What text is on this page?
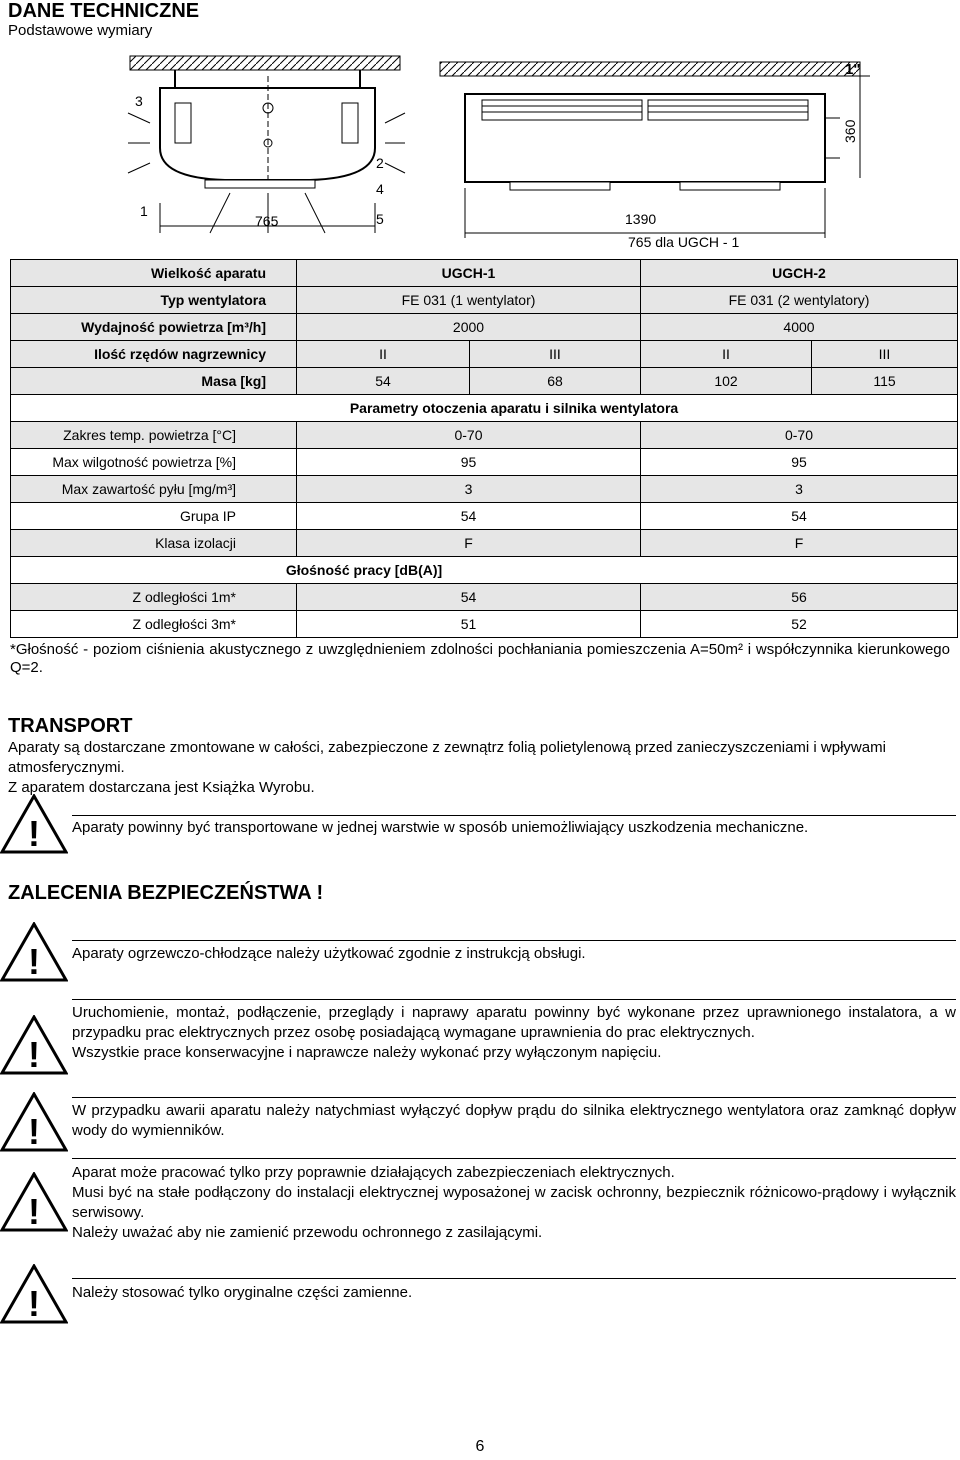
DANE TECHNICZNE
Podstawowe wymiary
3
1
765
2
4
5
1"
360
1390
765 dla UGCH - 1
Wielkość aparatu	UGCH-1		UGCH-2	
Typ wentylatora	FE 031 (1 wentylator)		FE 031 (2 wentylatory)	
Wydajność powietrza [m³/h]	2000		4000	
Ilość rzędów nagrzewnicy	II	III	II	III
Masa [kg]	54	68	102	115
Parametry otoczenia aparatu i silnika wentylatora				
Zakres temp. powietrza [°C]	0-70		0-70	
Max wilgotność powietrza [%]	95		95	
Max zawartość pyłu [mg/m³]	3		3	
Grupa IP	54		54	
Klasa izolacji	F		F	
Głośność pracy [dB(A)]				
Z odległości 1m*	54		56	
Z odległości 3m*	51		52	
*Głośność - poziom ciśnienia akustycznego z uwzględnieniem zdolności pochłaniania pomieszczenia A=50m² i współczynnika kierunkowego Q=2.
TRANSPORT
Aparaty są dostarczane zmontowane w całości, zabezpieczone z zewnątrz folią polietylenową przed zanieczyszczeniami i wpływami atmosferycznymi.
Z aparatem dostarczana jest Książka Wyrobu.
! Aparaty powinny być transportowane w jednej warstwie w sposób uniemożliwiający uszkodzenia mechaniczne.
ZALECENIA BEZPIECZEŃSTWA !
! Aparaty ogrzewczo-chłodzące należy użytkować zgodnie z instrukcją obsługi.
!
Uruchomienie, montaż, podłączenie, przeglądy i naprawy aparatu powinny być wykonane przez uprawnionego instalatora, a w przypadku prac elektrycznych przez osobę posiadającą wymagane uprawnienia do prac elektrycznych.
Wszystkie prace konserwacyjne i naprawcze należy wykonać przy wyłączonym napięciu.
!
W przypadku awarii aparatu należy natychmiast wyłączyć dopływ prądu do silnika elektrycznego wentylatora oraz zamknąć dopływ wody do wymienników.
!
Aparat może pracować tylko przy poprawnie działających zabezpieczeniach elektrycznych.
Musi być na stałe podłączony do instalacji elektrycznej wyposażonej w zacisk ochronny, bezpiecznik różnicowo-prądowy i wyłącznik serwisowy.
Należy uważać aby nie zamienić przewodu ochronnego z zasilającymi.
! Należy stosować tylko oryginalne części zamienne.
6
